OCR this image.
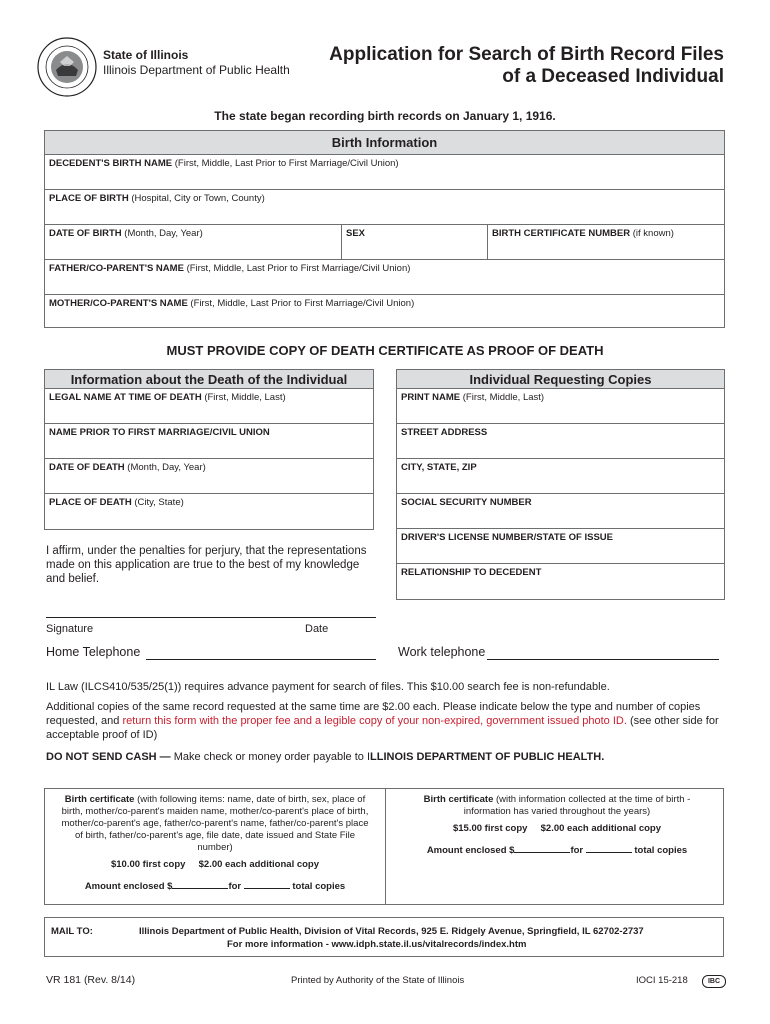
State of Illinois
Illinois Department of Public Health
Application for Search of Birth Record Files
of a Deceased Individual
The state began recording birth records on January 1, 1916.
Birth Information
DECEDENT'S BIRTH NAME (First, Middle, Last Prior to First Marriage/Civil Union)
PLACE OF BIRTH (Hospital, City or Town, County)
DATE OF BIRTH (Month, Day, Year)	SEX	BIRTH CERTIFICATE NUMBER (if known)
FATHER/CO-PARENT'S NAME (First, Middle, Last Prior to First Marriage/Civil Union)
MOTHER/CO-PARENT'S NAME (First, Middle, Last Prior to First Marriage/Civil Union)
MUST PROVIDE COPY OF DEATH CERTIFICATE AS PROOF OF DEATH
Information about the Death of the Individual
LEGAL NAME AT TIME OF DEATH (First, Middle, Last)
NAME PRIOR TO FIRST MARRIAGE/CIVIL UNION
DATE OF DEATH (Month, Day, Year)
PLACE OF DEATH (City, State)
Individual Requesting Copies
PRINT NAME (First, Middle, Last)
STREET ADDRESS
CITY, STATE, ZIP
SOCIAL SECURITY NUMBER
DRIVER'S LICENSE NUMBER/STATE OF ISSUE
RELATIONSHIP TO DECEDENT
I affirm, under the penalties for perjury, that the representations made on this application are true to the best of my knowledge and belief.
Signature	Date
Home Telephone	Work telephone
IL Law (ILCS410/535/25(1)) requires advance payment for search of files. This $10.00 search fee is non-refundable.
Additional copies of the same record requested at the same time are $2.00 each. Please indicate below the type and number of copies requested, and return this form with the proper fee and a legible copy of your non-expired, government issued photo ID. (see other side for acceptable proof of ID)
DO NOT SEND CASH — Make check or money order payable to ILLINOIS DEPARTMENT OF PUBLIC HEALTH.
Birth certificate (with following items: name, date of birth, sex, place of birth, mother/co-parent's maiden name, mother/co-parent's place of birth, mother/co-parent's age, father/co-parent's name, father/co-parent's place of birth, father/co-parent's age, file date, date issued and State File number)
$10.00 first copy $2.00 each additional copy
Amount enclosed $	for	total copies
Birth certificate (with information collected at the time of birth - information has varied throughout the years)
$15.00 first copy $2.00 each additional copy
Amount enclosed $	for	total copies
MAIL TO:	Illinois Department of Public Health, Division of Vital Records, 925 E. Ridgely Avenue, Springfield, IL 62702-2737
For more information - www.idph.state.il.us/vitalrecords/index.htm
VR 181 (Rev. 8/14)	Printed by Authority of the State of Illinois	IOCI 15-218	IBC
